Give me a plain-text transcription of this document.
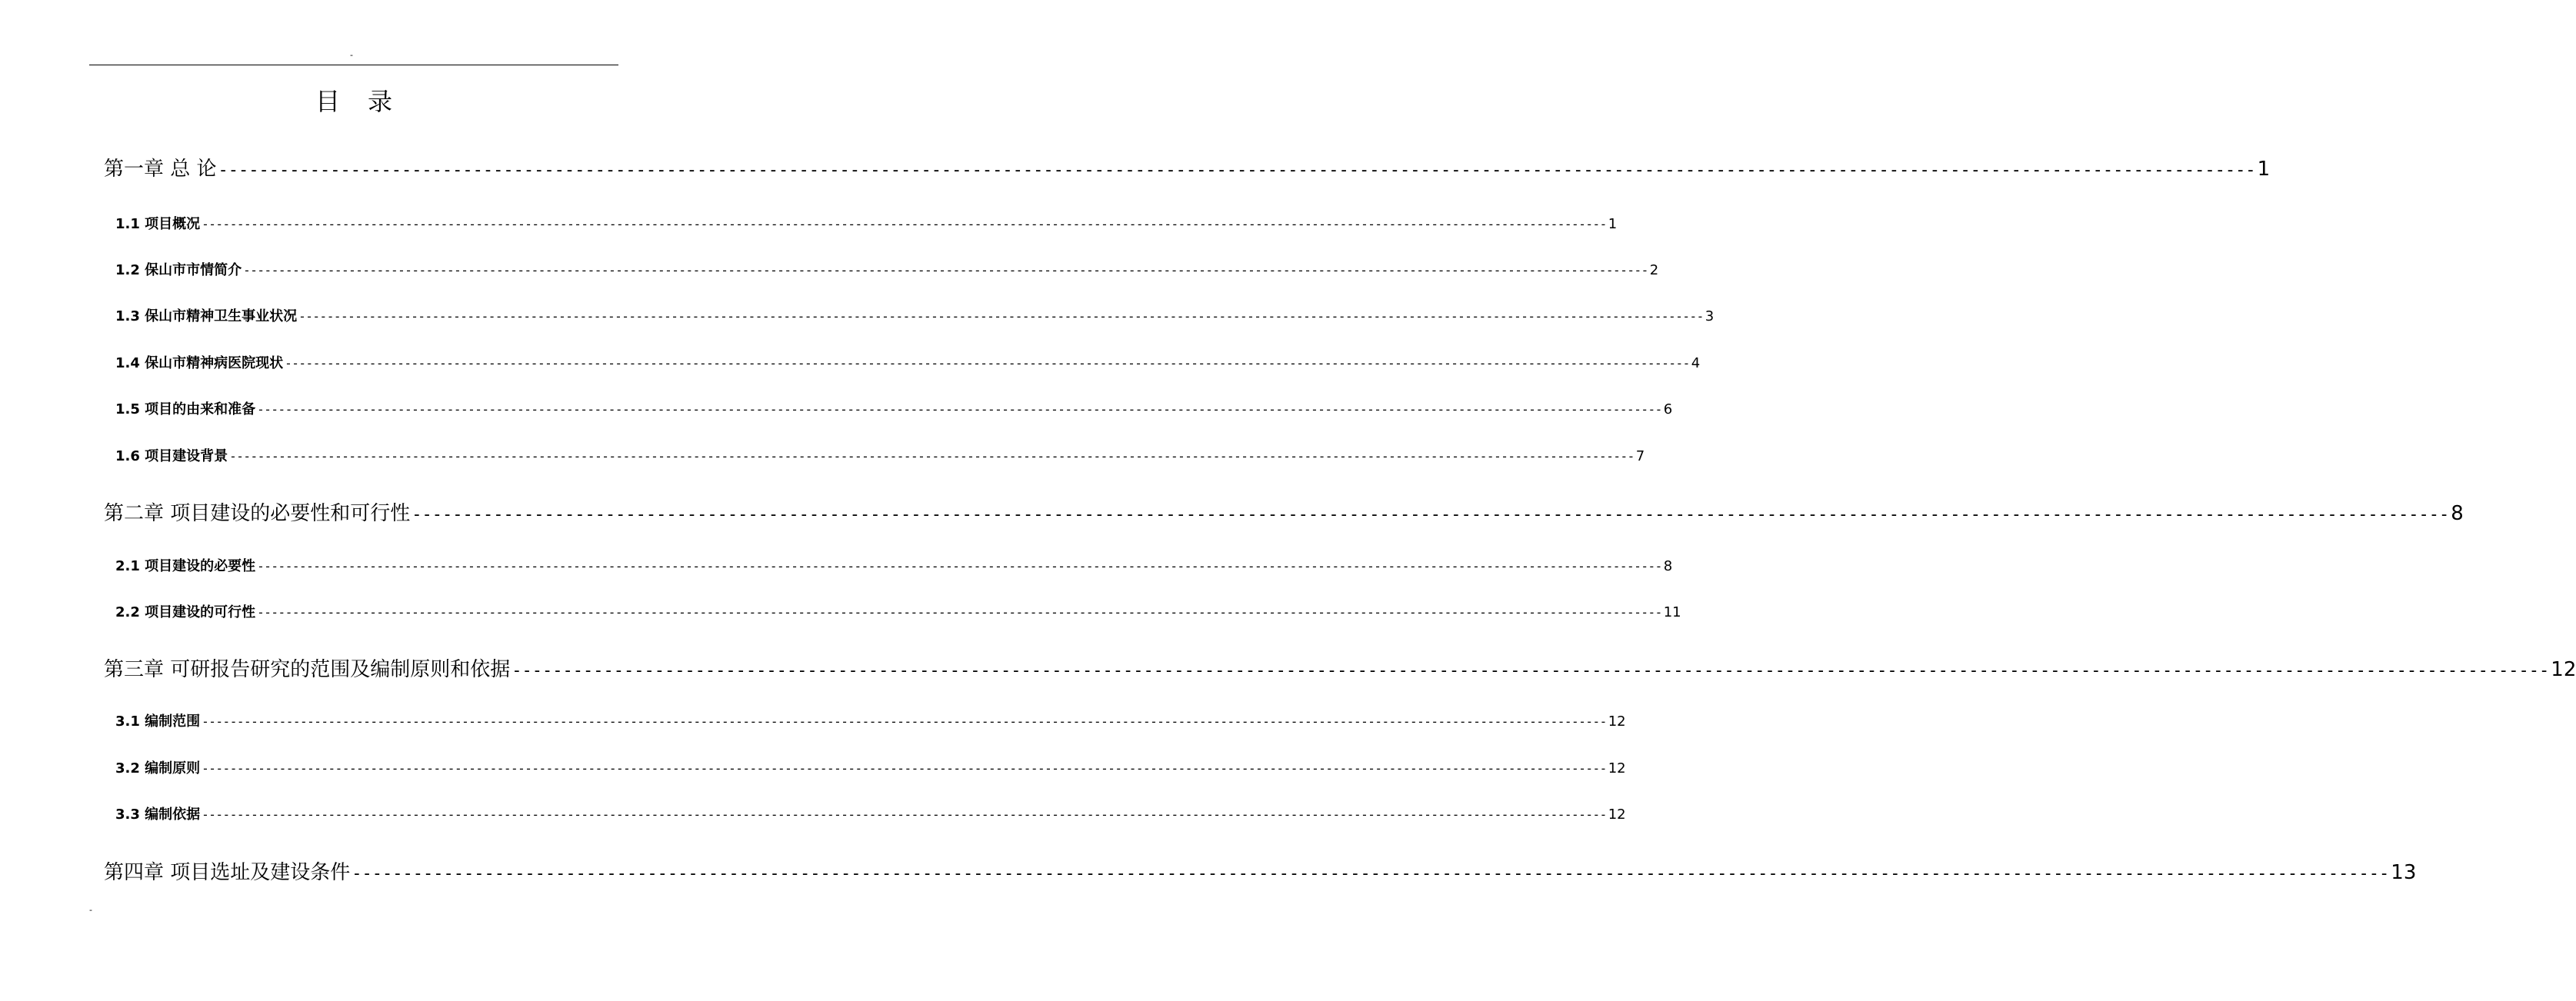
-
目录
第一章 总 论 -------------------------------------------------------------------------------------------------------------------------------------------------------------------------------------------------------- 1
1.1 项目概况 -------------------------------------------------------------------------------------------------------------------------------------------------------------------------------------------------------- 1
1.2 保山市市情简介 -------------------------------------------------------------------------------------------------------------------------------------------------------------------------------------------------------- 2
1.3 保山市精神卫生事业状况 -------------------------------------------------------------------------------------------------------------------------------------------------------------------------------------------------------- 3
1.4 保山市精神病医院现状 -------------------------------------------------------------------------------------------------------------------------------------------------------------------------------------------------------- 4
1.5 项目的由来和准备 -------------------------------------------------------------------------------------------------------------------------------------------------------------------------------------------------------- 6
1.6 项目建设背景 -------------------------------------------------------------------------------------------------------------------------------------------------------------------------------------------------------- 7
第二章 项目建设的必要性和可行性 -------------------------------------------------------------------------------------------------------------------------------------------------------------------------------------------------------- 8
2.1 项目建设的必要性 -------------------------------------------------------------------------------------------------------------------------------------------------------------------------------------------------------- 8
2.2 项目建设的可行性 -------------------------------------------------------------------------------------------------------------------------------------------------------------------------------------------------------- 11
第三章 可研报告研究的范围及编制原则和依据 -------------------------------------------------------------------------------------------------------------------------------------------------------------------------------------------------------- 12
3.1 编制范围 -------------------------------------------------------------------------------------------------------------------------------------------------------------------------------------------------------- 12
3.2 编制原则 -------------------------------------------------------------------------------------------------------------------------------------------------------------------------------------------------------- 12
3.3 编制依据 -------------------------------------------------------------------------------------------------------------------------------------------------------------------------------------------------------- 12
第四章 项目选址及建设条件 -------------------------------------------------------------------------------------------------------------------------------------------------------------------------------------------------------- 13
-
